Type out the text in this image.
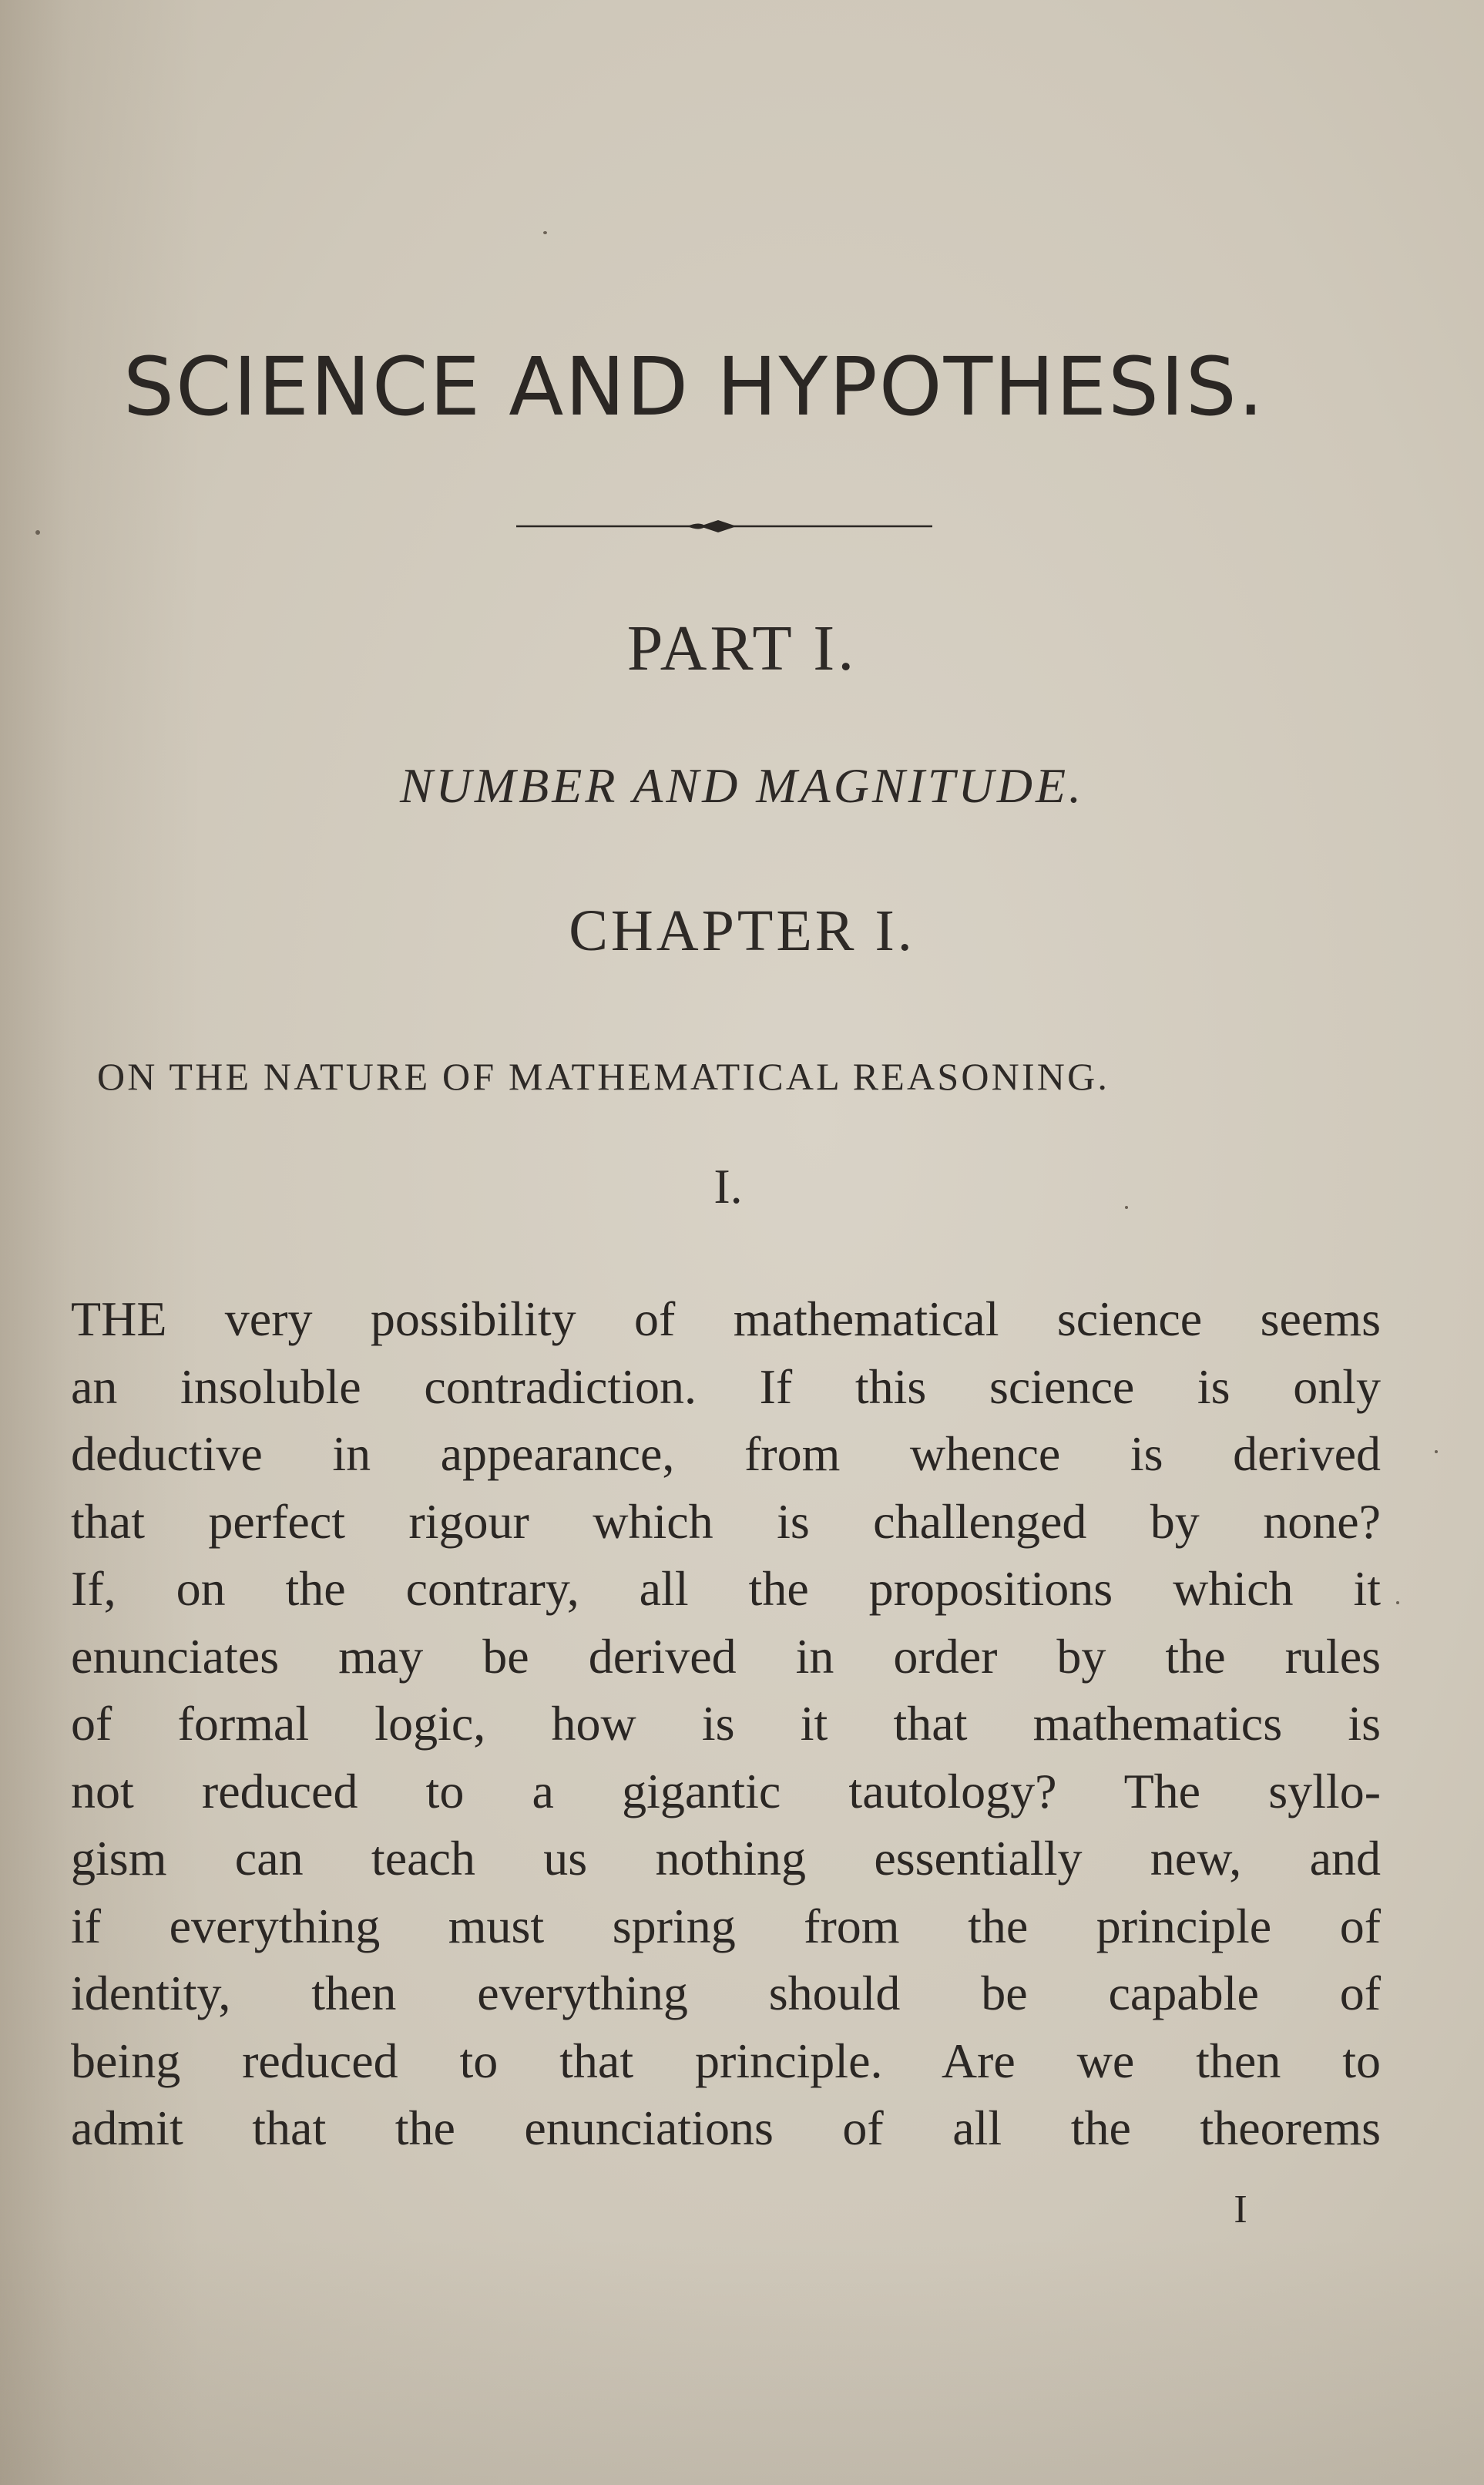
SCIENCE AND HYPOTHESIS.
PART I.
NUMBER AND MAGNITUDE.
CHAPTER I.
ON THE NATURE OF MATHEMATICAL REASONING.
I.
THE very possibility of mathematical science seems
an insoluble contradiction. If this science is only
deductive in appearance, from whence is derived
that perfect rigour which is challenged by none?
If, on the contrary, all the propositions which it
enunciates may be derived in order by the rules
of formal logic, how is it that mathematics is
not reduced to a gigantic tautology? The syllo-
gism can teach us nothing essentially new, and
if everything must spring from the principle of
identity, then everything should be capable of
being reduced to that principle. Are we then to
admit that the enunciations of all the theorems
I
